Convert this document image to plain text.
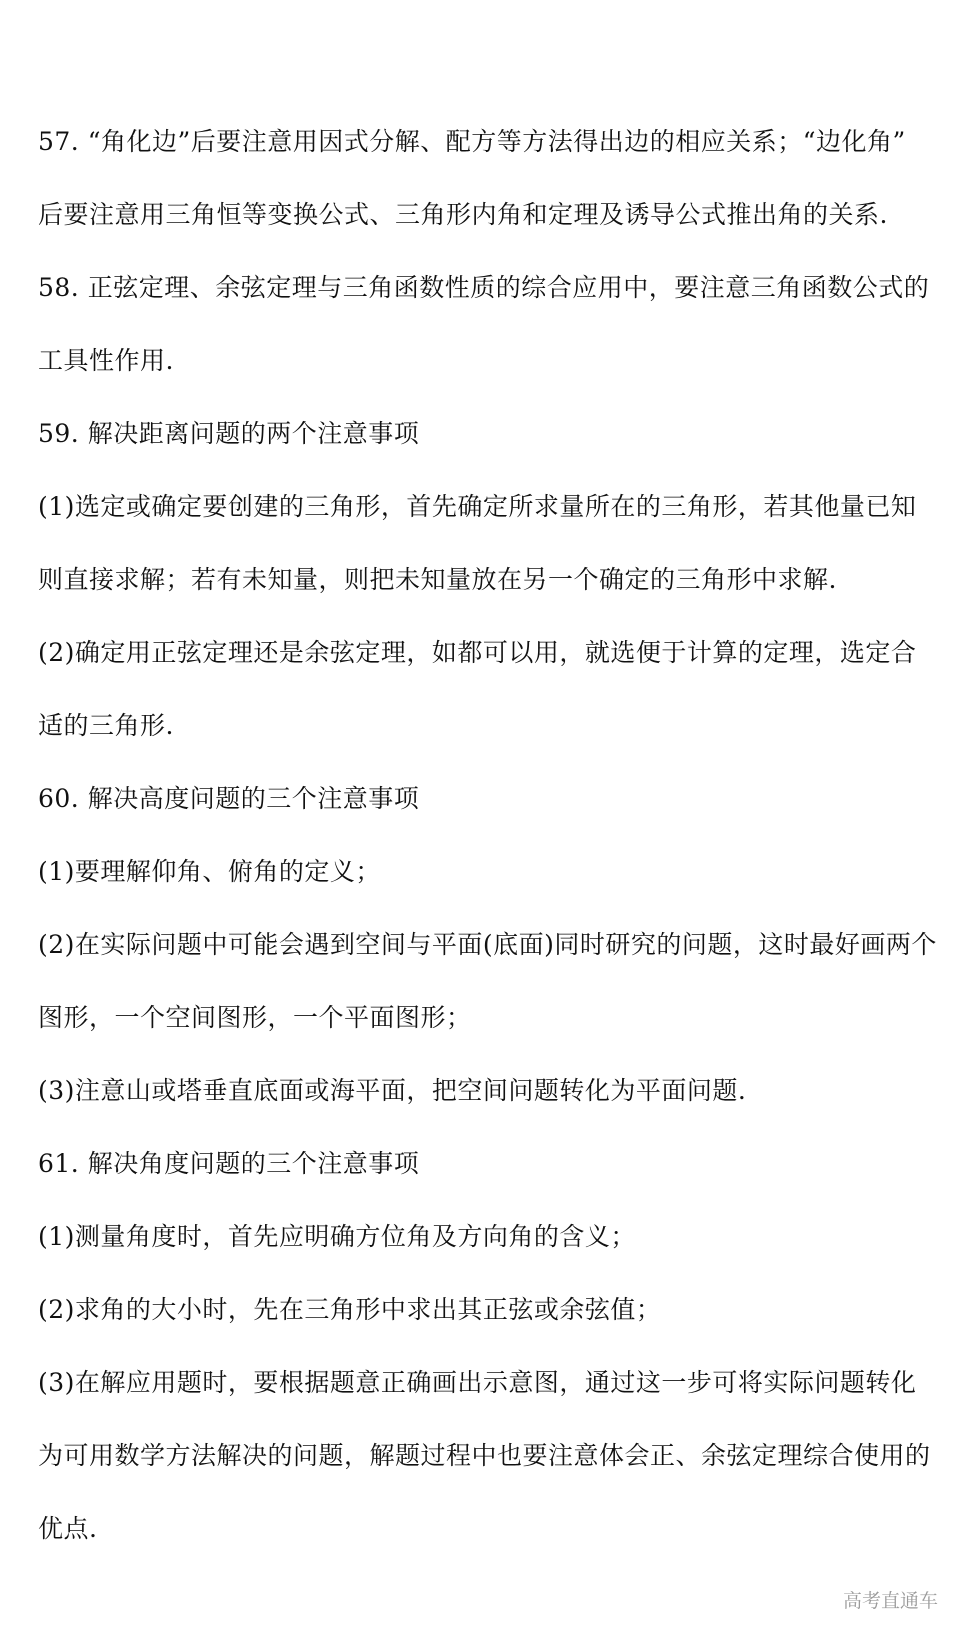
57. “角化边”后要注意用因式分解、配方等方法得出边的相应关系；“边化角”
后要注意用三角恒等变换公式、三角形内角和定理及诱导公式推出角的关系.
58. 正弦定理、余弦定理与三角函数性质的综合应用中，要注意三角函数公式的
工具性作用.
59. 解决距离问题的两个注意事项
(1)选定或确定要创建的三角形，首先确定所求量所在的三角形，若其他量已知
则直接求解；若有未知量，则把未知量放在另一个确定的三角形中求解.
(2)确定用正弦定理还是余弦定理，如都可以用，就选便于计算的定理，选定合
适的三角形.
60. 解决高度问题的三个注意事项
(1)要理解仰角、俯角的定义；
(2)在实际问题中可能会遇到空间与平面(底面)同时研究的问题，这时最好画两个
图形，一个空间图形，一个平面图形；
(3)注意山或塔垂直底面或海平面，把空间问题转化为平面问题.
61. 解决角度问题的三个注意事项
(1)测量角度时，首先应明确方位角及方向角的含义；
(2)求角的大小时，先在三角形中求出其正弦或余弦值；
(3)在解应用题时，要根据题意正确画出示意图，通过这一步可将实际问题转化
为可用数学方法解决的问题，解题过程中也要注意体会正、余弦定理综合使用的
优点.
高考直通车
